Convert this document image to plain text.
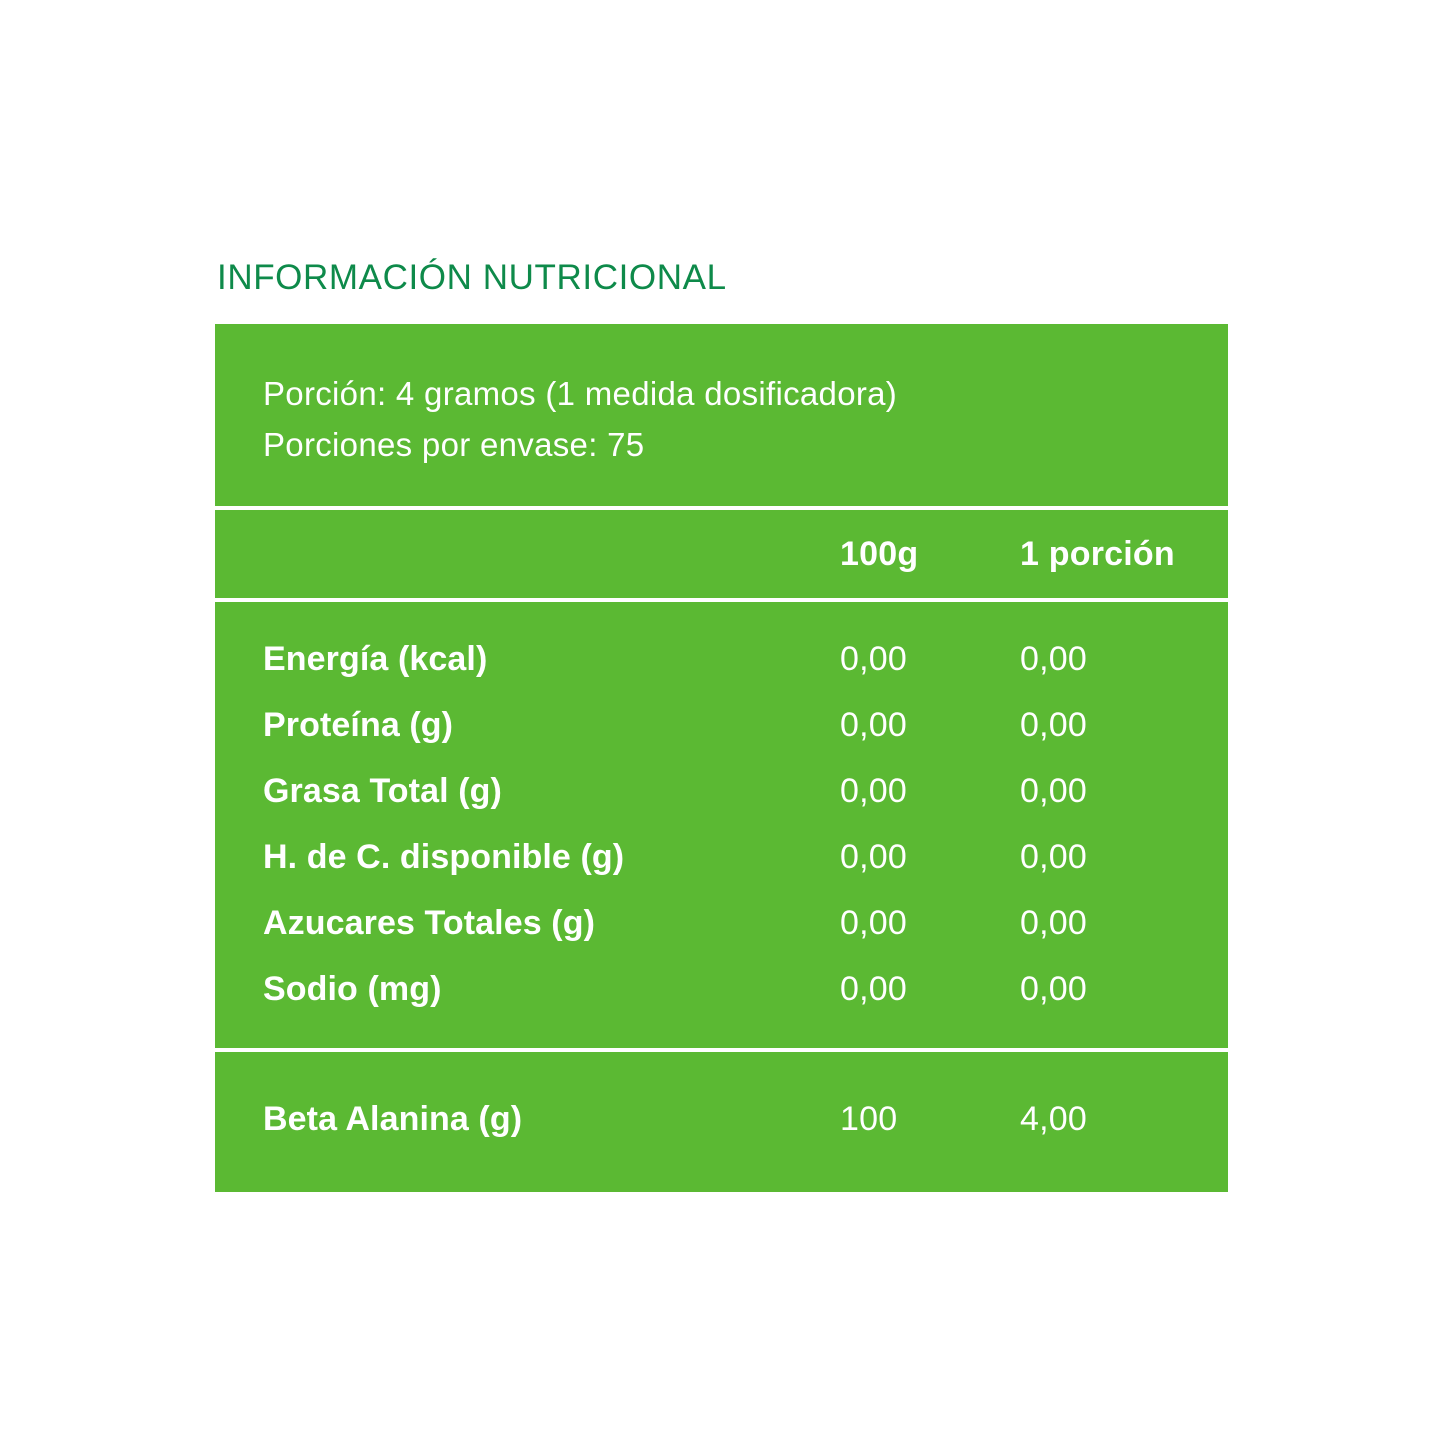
INFORMACIÓN NUTRICIONAL
Porción: 4 gramos (1 medida dosificadora)
Porciones por envase: 75
100g	1 porción
Energía (kcal)	0,00	0,00
Proteína (g)	0,00	0,00
Grasa Total (g)	0,00	0,00
H. de C. disponible (g)	0,00	0,00
Azucares Totales (g)	0,00	0,00
Sodio (mg)	0,00	0,00
Beta Alanina (g)	100	4,00
